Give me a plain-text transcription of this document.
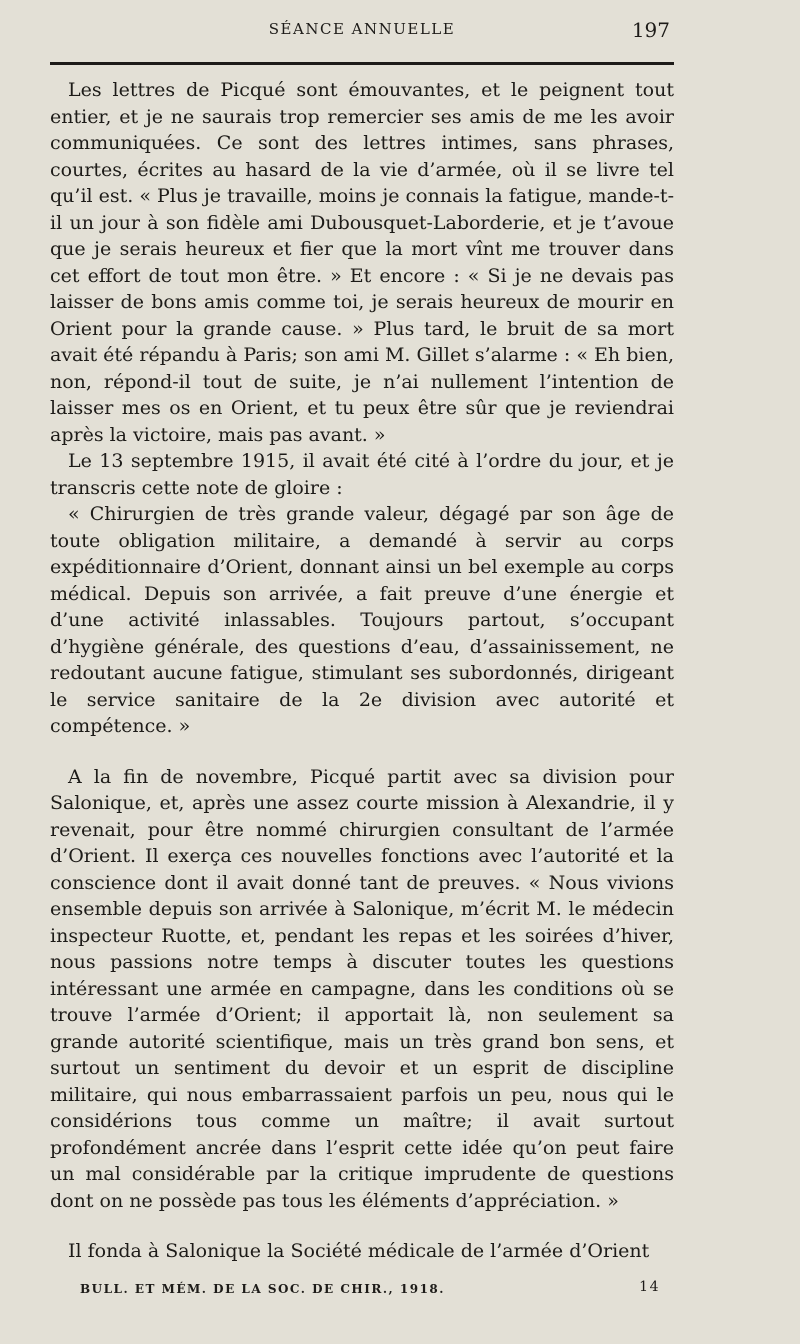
SÉANCE ANNUELLE	197

Les lettres de Picqué sont émouvantes, et le peignent tout entier, et je ne saurais trop remercier ses amis de me les avoir communiquées. Ce sont des lettres intimes, sans phrases, courtes, écrites au hasard de la vie d’armée, où il se livre tel qu’il est. « Plus je travaille, moins je connais la fatigue, mande-t-il un jour à son fidèle ami Dubousquet-Laborderie, et je t’avoue que je serais heureux et fier que la mort vînt me trouver dans cet effort de tout mon être. » Et encore : « Si je ne devais pas laisser de bons amis comme toi, je serais heureux de mourir en Orient pour la grande cause. » Plus tard, le bruit de sa mort avait été répandu à Paris; son ami M. Gillet s’alarme : « Eh bien, non, répond-il tout de suite, je n’ai nullement l’intention de laisser mes os en Orient, et tu peux être sûr que je reviendrai après la victoire, mais pas avant. »

Le 13 septembre 1915, il avait été cité à l’ordre du jour, et je transcris cette note de gloire :

« Chirurgien de très grande valeur, dégagé par son âge de toute obligation militaire, a demandé à servir au corps expéditionnaire d’Orient, donnant ainsi un bel exemple au corps médical. Depuis son arrivée, a fait preuve d’une énergie et d’une activité inlassables. Toujours partout, s’occupant d’hygiène générale, des questions d’eau, d’assainissement, ne redoutant aucune fatigue, stimulant ses subordonnés, dirigeant le service sanitaire de la 2e division avec autorité et compétence. »

A la fin de novembre, Picqué partit avec sa division pour Salonique, et, après une assez courte mission à Alexandrie, il y revenait, pour être nommé chirurgien consultant de l’armée d’Orient. Il exerça ces nouvelles fonctions avec l’autorité et la conscience dont il avait donné tant de preuves. « Nous vivions ensemble depuis son arrivée à Salonique, m’écrit M. le médecin inspecteur Ruotte, et, pendant les repas et les soirées d’hiver, nous passions notre temps à discuter toutes les questions intéressant une armée en campagne, dans les conditions où se trouve l’armée d’Orient; il apportait là, non seulement sa grande autorité scientifique, mais un très grand bon sens, et surtout un sentiment du devoir et un esprit de discipline militaire, qui nous embarrassaient parfois un peu, nous qui le considérions tous comme un maître; il avait surtout profondément ancrée dans l’esprit cette idée qu’on peut faire un mal considérable par la critique imprudente de questions dont on ne possède pas tous les éléments d’appréciation. »

Il fonda à Salonique la Société médicale de l’armée d’Orient

BULL. ET MÉM. DE LA SOC. DE CHIR., 1918.	14
